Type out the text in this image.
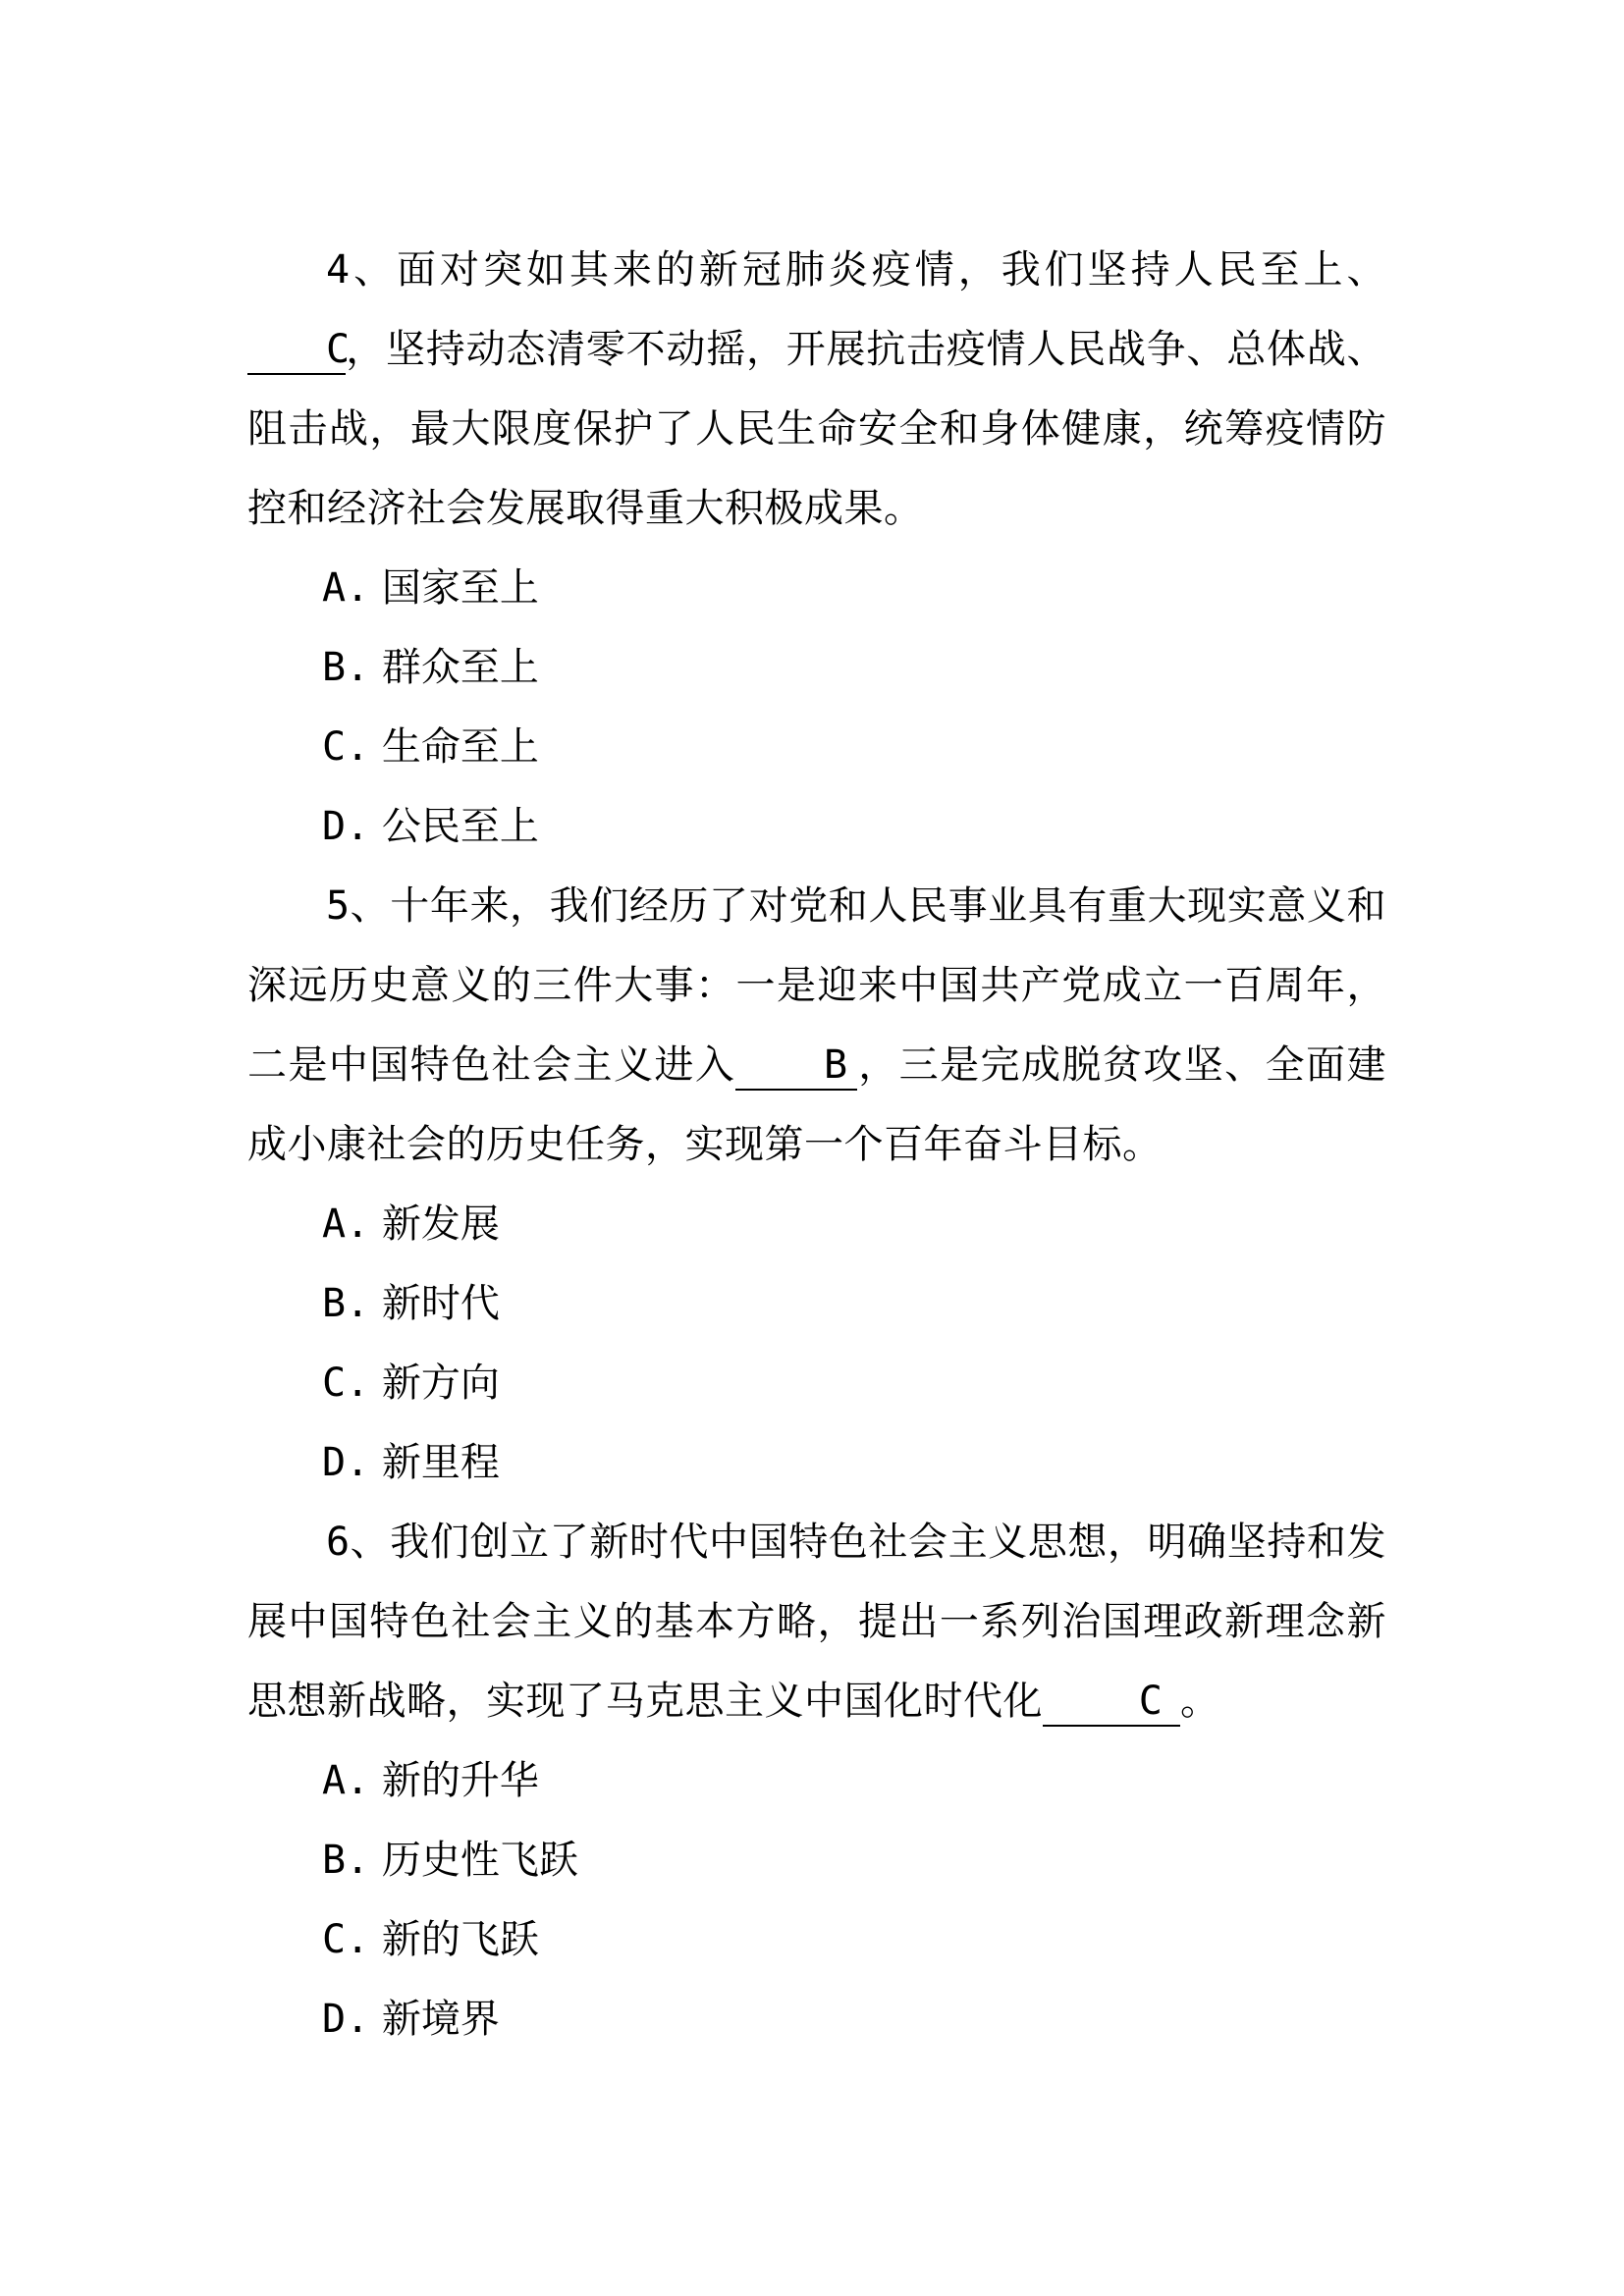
4、面对突如其来的新冠肺炎疫情，我们坚持人民至上、C，坚持动态清零不动摇，开展抗击疫情人民战争、总体战、阻击战，最大限度保护了人民生命安全和身体健康，统筹疫情防控和经济社会发展取得重大积极成果。

A. 国家至上

B. 群众至上

C. 生命至上

D. 公民至上

5、十年来，我们经历了对党和人民事业具有重大现实意义和深远历史意义的三件大事：一是迎来中国共产党成立一百周年，二是中国特色社会主义进入 B ，三是完成脱贫攻坚、全面建成小康社会的历史任务，实现第一个百年奋斗目标。

A. 新发展

B. 新时代

C. 新方向

D. 新里程

6、我们创立了新时代中国特色社会主义思想，明确坚持和发展中国特色社会主义的基本方略，提出一系列治国理政新理念新思想新战略，实现了马克思主义中国化时代化 C 。

A. 新的升华

B. 历史性飞跃

C. 新的飞跃

D. 新境界
